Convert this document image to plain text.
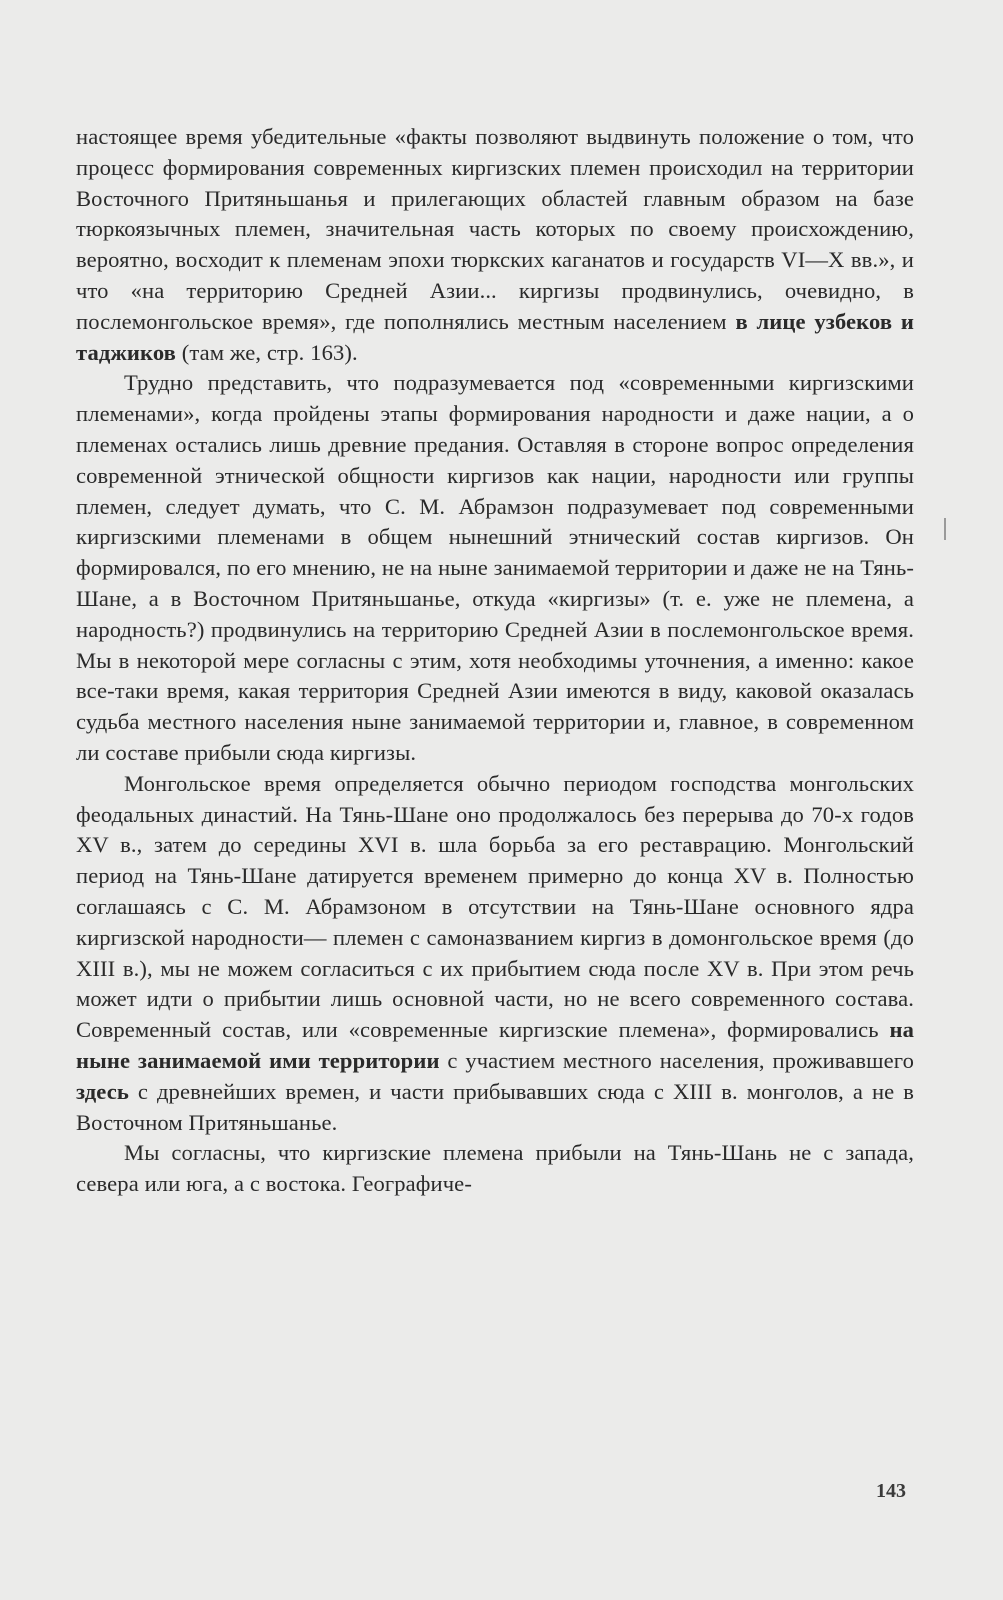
настоящее время убедительные «факты позволяют выдвинуть положение о том, что процесс формирования современных киргизских племен происходил на территории Восточного Притяньшанья и прилегающих областей главным образом на базе тюркоязычных племен, значительная часть которых по своему происхождению, вероятно, восходит к племенам эпохи тюркских каганатов и государств VI—X вв.», и что «на территорию Средней Азии... киргизы продвинулись, очевидно, в послемонгольское время», где пополнялись местным населением в лице узбеков и таджиков (там же, стр. 163).

Трудно представить, что подразумевается под «современными киргизскими племенами», когда пройдены этапы формирования народности и даже нации, а о племенах остались лишь древние предания. Оставляя в стороне вопрос определения современной этнической общности киргизов как нации, народности или группы племен, следует думать, что С. М. Абрамзон подразумевает под современными киргизскими племенами в общем нынешний этнический состав киргизов. Он формировался, по его мнению, не на ныне занимаемой территории и даже не на Тянь-Шане, а в Восточном Притяньшанье, откуда «киргизы» (т. е. уже не племена, а народность?) продвинулись на территорию Средней Азии в послемонгольское время. Мы в некоторой мере согласны с этим, хотя необходимы уточнения, а именно: какое все-таки время, какая территория Средней Азии имеются в виду, каковой оказалась судьба местного населения ныне занимаемой территории и, главное, в современном ли составе прибыли сюда киргизы.

Монгольское время определяется обычно периодом господства монгольских феодальных династий. На Тянь-Шане оно продолжалось без перерыва до 70-х годов XV в., затем до середины XVI в. шла борьба за его реставрацию. Монгольский период на Тянь-Шане датируется временем примерно до конца XV в. Полностью соглашаясь с С. М. Абрамзоном в отсутствии на Тянь-Шане основного ядра киргизской народности— племен с самоназванием киргиз в домонгольское время (до XIII в.), мы не можем согласиться с их прибытием сюда после XV в. При этом речь может идти о прибытии лишь основной части, но не всего современного состава. Современный состав, или «современные киргизские племена», формировались на ныне занимаемой ими территории с участием местного населения, проживавшего здесь с древнейших времен, и части прибывавших сюда с XIII в. монголов, а не в Восточном Притяньшанье.

Мы согласны, что киргизские племена прибыли на Тянь-Шань не с запада, севера или юга, а с востока. Географиче-

143
